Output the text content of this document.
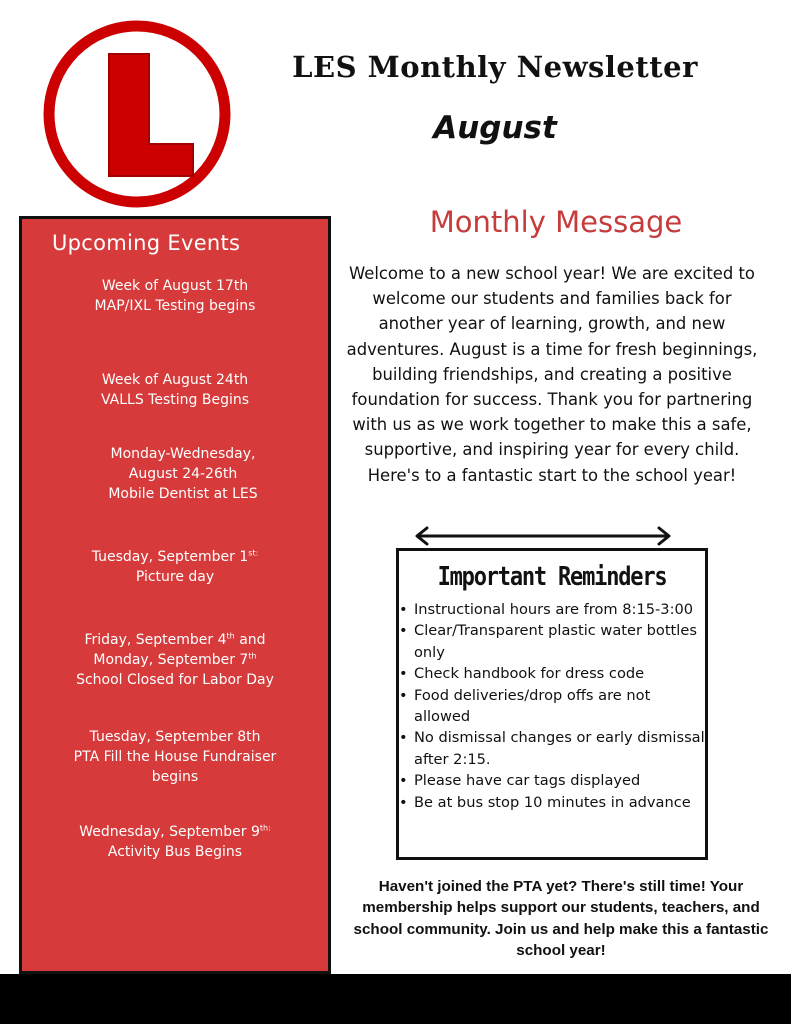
LES Monthly Newsletter
August
Upcoming Events
Week of August 17th
MAP/IXL Testing begins
Week of August 24th
VALLS Testing Begins
Monday-Wednesday,
August 24-26th
Mobile Dentist at LES
Tuesday, September $1^{st:}$
Picture day
Friday, September 4th and
Monday, September 7th
School Closed for Labor Day
Tuesday, September 8th
PTA Fill the House Fundraiser
begins
Wednesday, September $9^{th:}$
Activity Bus Begins
Monthly Message
Welcome to a new school year! We are excited to welcome our students and families back for another year of learning, growth, and new adventures. August is a time for fresh beginnings, building friendships, and creating a positive foundation for success. Thank you for partnering with us as we work together to make this a safe, supportive, and inspiring year for every child. Here's to a fantastic start to the school year!
Important Reminders
• Instructional hours are from 8:15-3:00
• Clear/Transparent plastic water bottles only
• Check handbook for dress code
• Food deliveries/drop offs are not allowed
• No dismissal changes or early dismissal after 2:15.
• Please have car tags displayed
• Be at bus stop 10 minutes in advance
Haven't joined the PTA yet? There's still time! Your membership helps support our students, teachers, and school community. Join us and help make this a fantastic school year!
